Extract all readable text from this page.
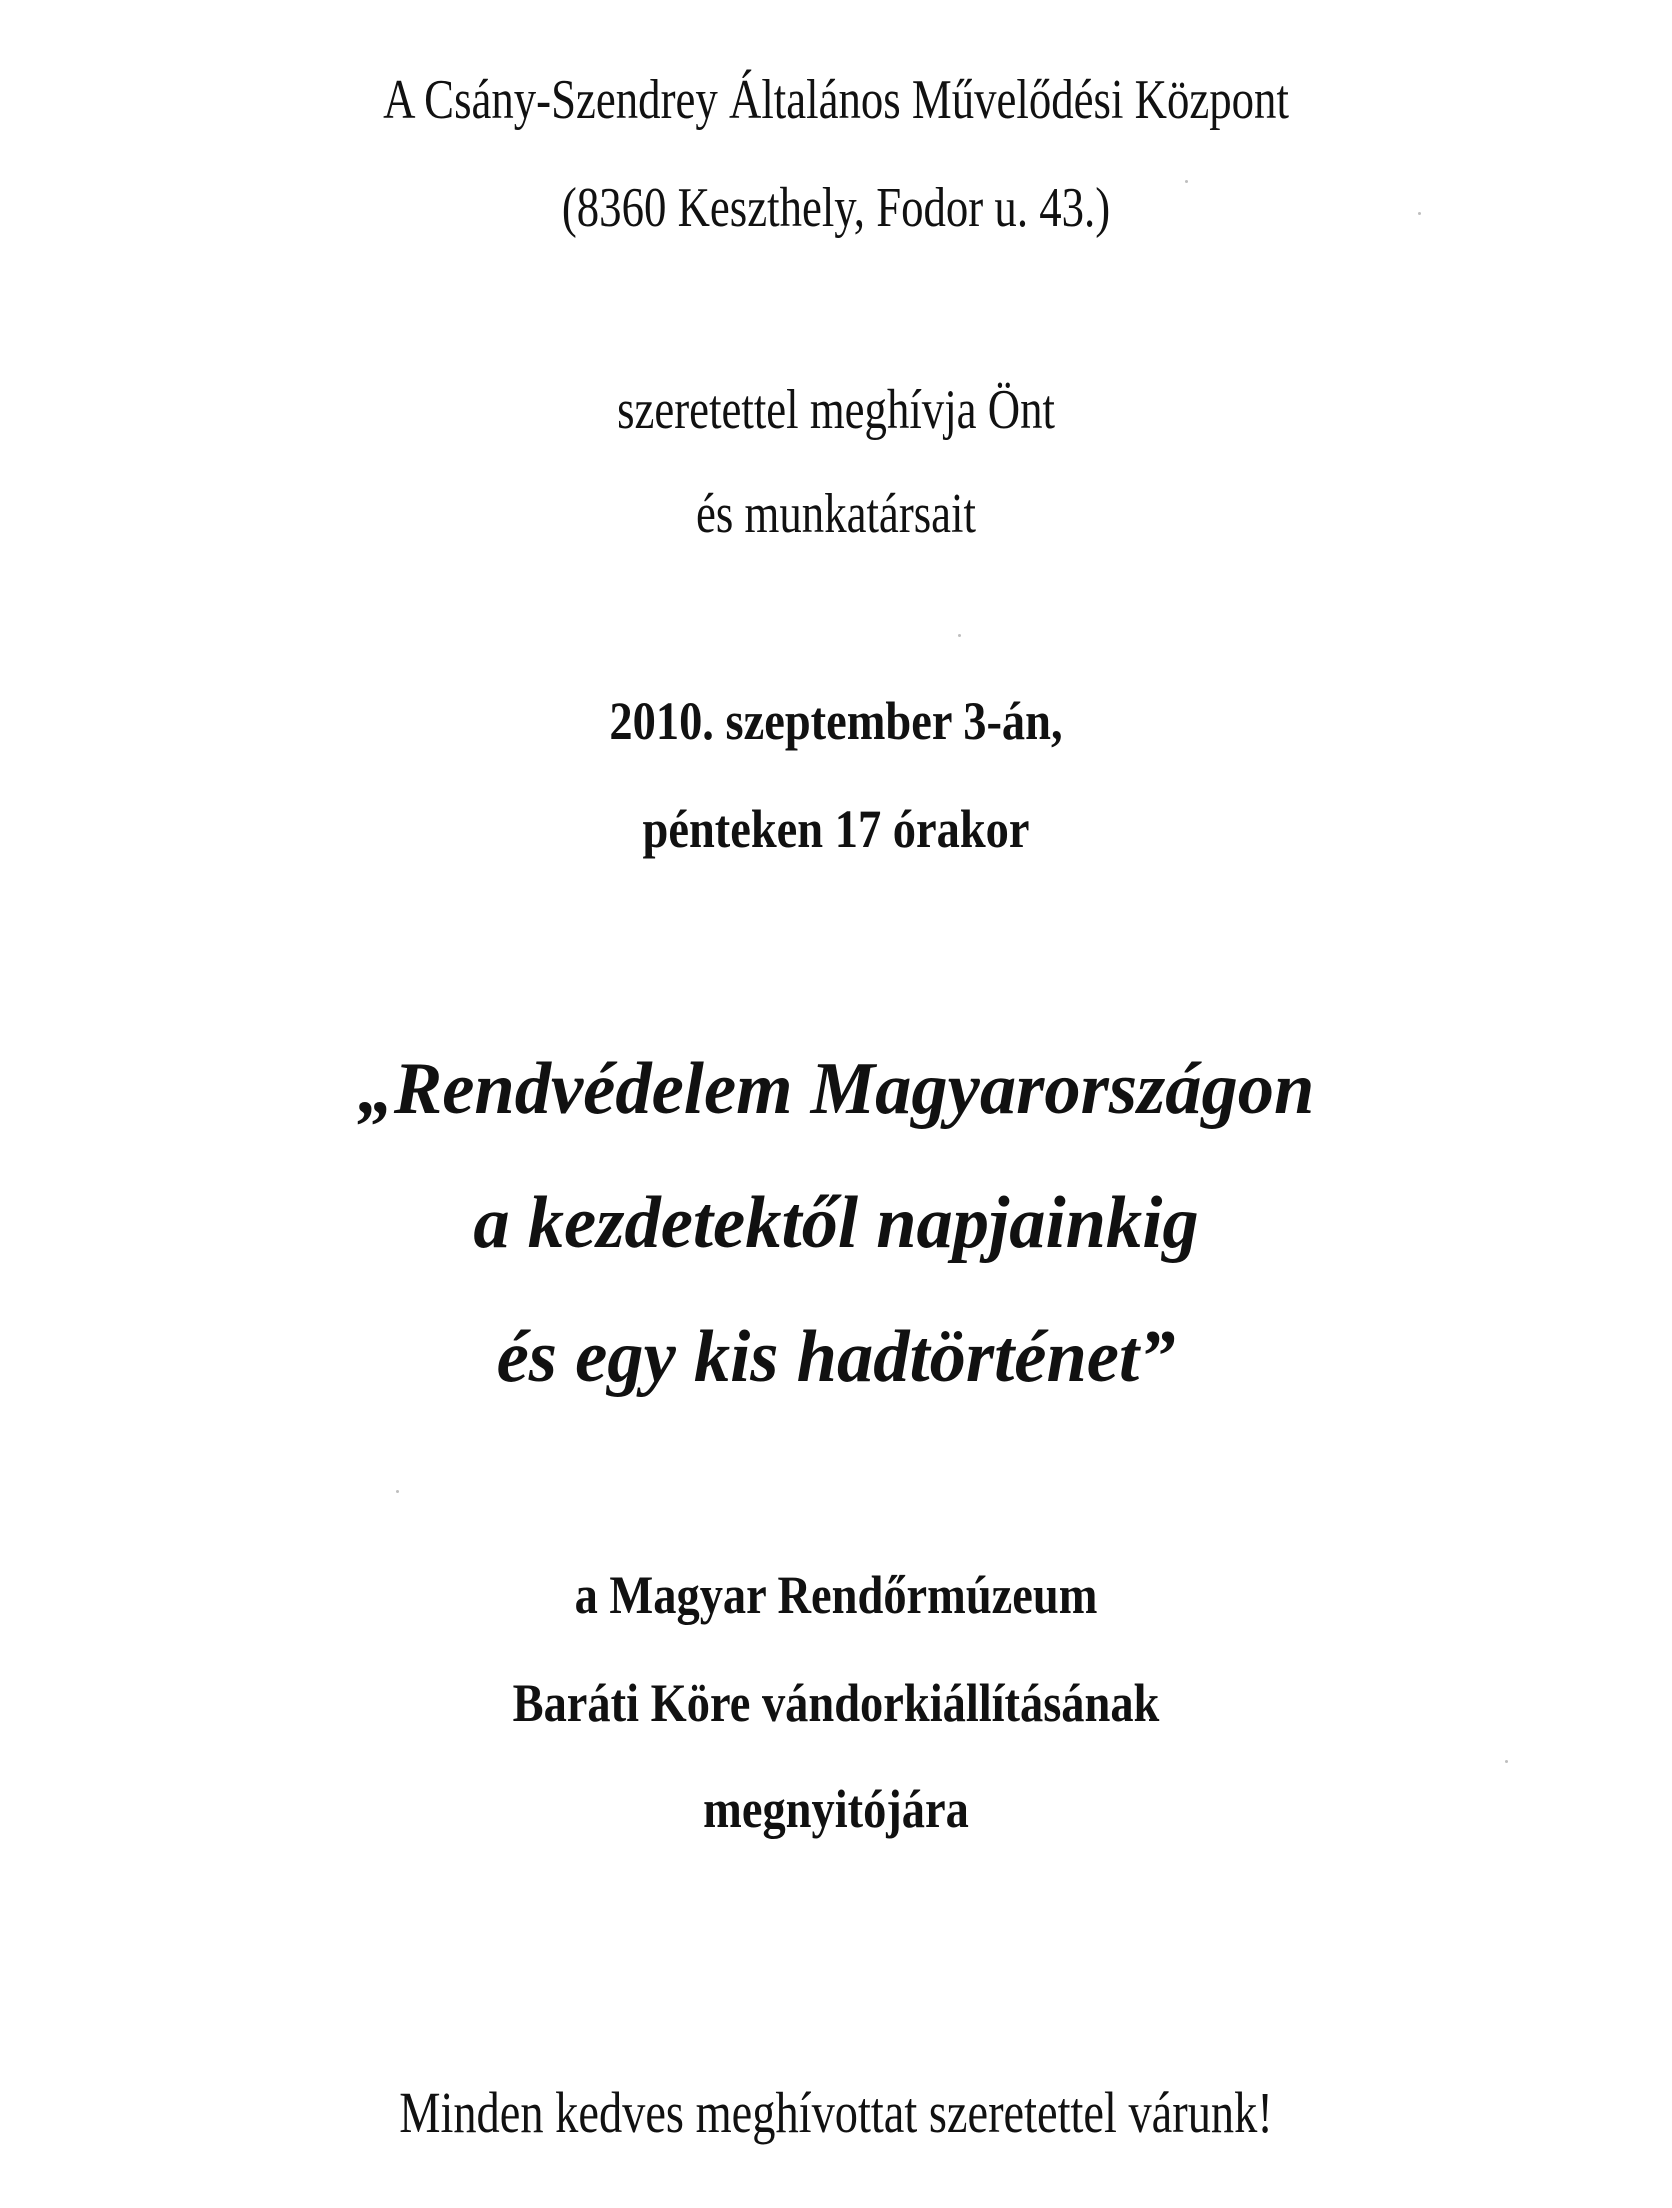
A Csány-Szendrey Általános Művelődési Központ
(8360 Keszthely, Fodor u. 43.)
szeretettel meghívja Önt
és munkatársait
2010. szeptember 3-án,
pénteken 17 órakor
„Rendvédelem Magyarországon
a kezdetektől napjainkig
és egy kis hadtörténet”
a Magyar Rendőrmúzeum
Baráti Köre vándorkiállításának
megnyitójára
Minden kedves meghívottat szeretettel várunk!
